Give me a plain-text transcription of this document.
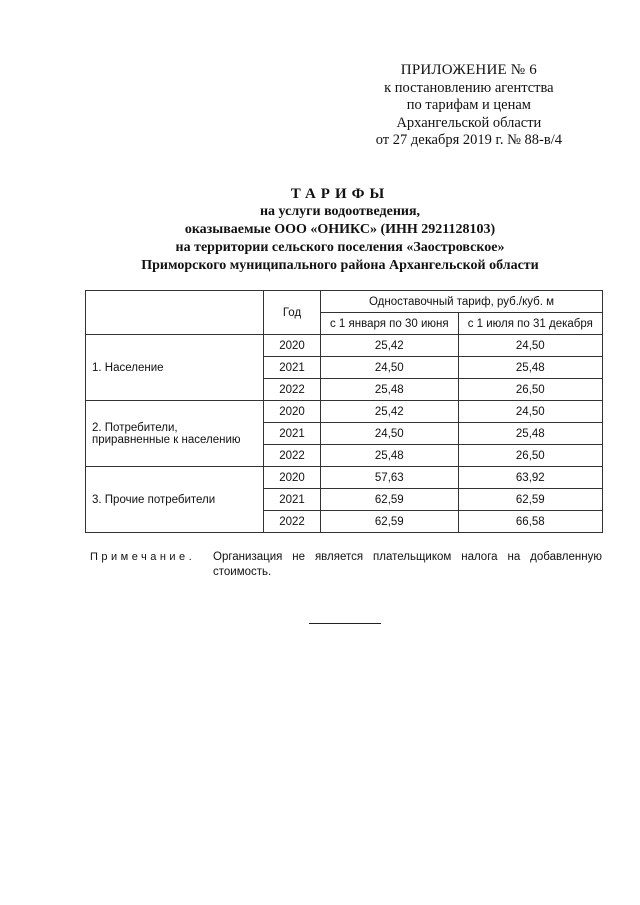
ПРИЛОЖЕНИЕ № 6
к постановлению агентства
по тарифам и ценам
Архангельской области
от 27 декабря 2019 г. № 88-в/4
ТАРИФЫ
на услуги водоотведения,
оказываемые ООО «ОНИКС» (ИНН 2921128103)
на территории сельского поселения «Заостровское»
Приморского муниципального района Архангельской области
	Год	Одноставочный тариф, руб./куб. м	
		с 1 января по 30 июня	с 1 июля по 31 декабря
1. Население	2020	25,42	24,50
	2021	24,50	25,48
	2022	25,48	26,50
2. Потребители, приравненные к населению	2020	25,42	24,50
	2021	24,50	25,48
	2022	25,48	26,50
3. Прочие потребители	2020	57,63	63,92
	2021	62,59	62,59
	2022	62,59	66,58
Примечание. Организация не является плательщиком налога на добавленную стоимость.
